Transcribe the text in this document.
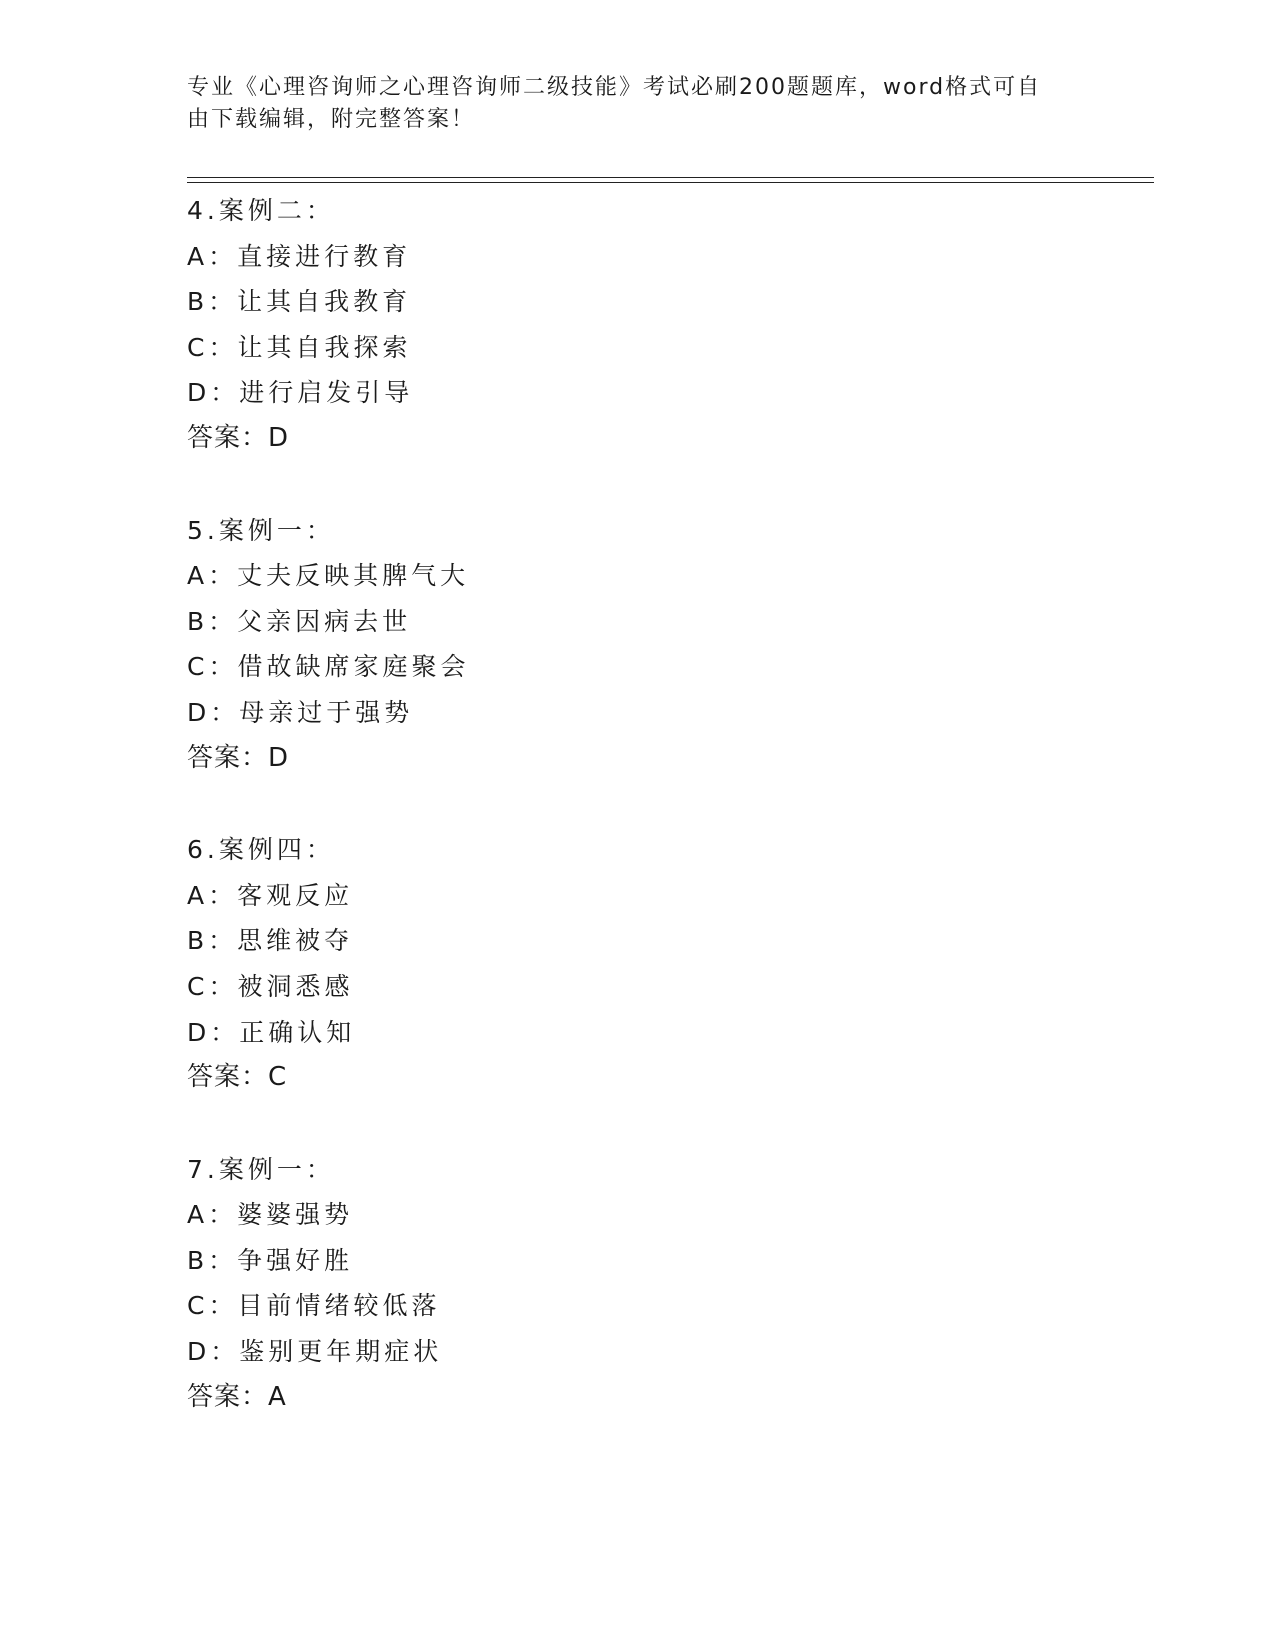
专业《心理咨询师之心理咨询师二级技能》考试必刷200题题库，word格式可自
由下载编辑，附完整答案！
4.案例二：
A：直接进行教育
B：让其自我教育
C：让其自我探索
D：进行启发引导
答案：D
5.案例一：
A：丈夫反映其脾气大
B：父亲因病去世
C：借故缺席家庭聚会
D：母亲过于强势
答案：D
6.案例四：
A：客观反应
B：思维被夺
C：被洞悉感
D：正确认知
答案：C
7.案例一：
A：婆婆强势
B：争强好胜
C：目前情绪较低落
D：鉴别更年期症状
答案：A
